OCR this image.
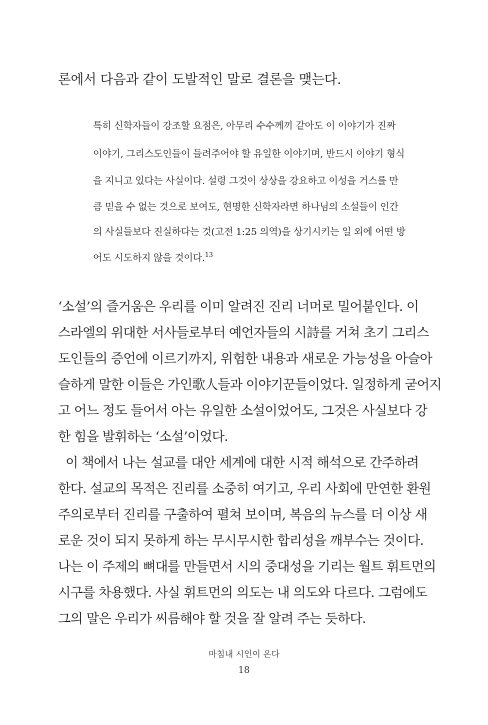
론에서 다음과 같이 도발적인 말로 결론을 맺는다.

특히 신학자들이 강조할 요점은, 아무리 수수께끼 같아도 이 이야기가 진짜
이야기, 그리스도인들이 들려주어야 할 유일한 이야기며, 반드시 이야기 형식
을 지니고 있다는 사실이다. 설령 그것이 상상을 강요하고 이성을 거스를 만
큼 믿을 수 없는 것으로 보여도, 현명한 신학자라면 하나님의 소설들이 인간
의 사실들보다 진실하다는 것(고전 1:25 의역)을 상기시키는 일 외에 어떤 방
어도 시도하지 않을 것이다.$^{13}$
‘소설’의 즐거움은 우리를 이미 알려진 진리 너머로 밀어붙인다. 이
스라엘의 위대한 서사들로부터 예언자들의 시詩를 거쳐 초기 그리스
도인들의 증언에 이르기까지, 위험한 내용과 새로운 가능성을 아슬아
슬하게 말한 이들은 가인歌人들과 이야기꾼들이었다. 일정하게 굳어지
고 어느 정도 들어서 아는 유일한 소설이었어도, 그것은 사실보다 강
한 힘을 발휘하는 ‘소설’이었다.
이 책에서 나는 설교를 대안 세계에 대한 시적 해석으로 간주하려
한다. 설교의 목적은 진리를 소중히 여기고, 우리 사회에 만연한 환원
주의로부터 진리를 구출하여 펼쳐 보이며, 복음의 뉴스를 더 이상 새
로운 것이 되지 못하게 하는 무시무시한 합리성을 깨부수는 것이다.
나는 이 주제의 뼈대를 만들면서 시의 중대성을 기리는 월트 휘트먼의
시구를 차용했다. 사실 휘트먼의 의도는 내 의도와 다르다. 그럼에도
그의 말은 우리가 씨름해야 할 것을 잘 알려 주는 듯하다.
마침내 시인이 온다
18
